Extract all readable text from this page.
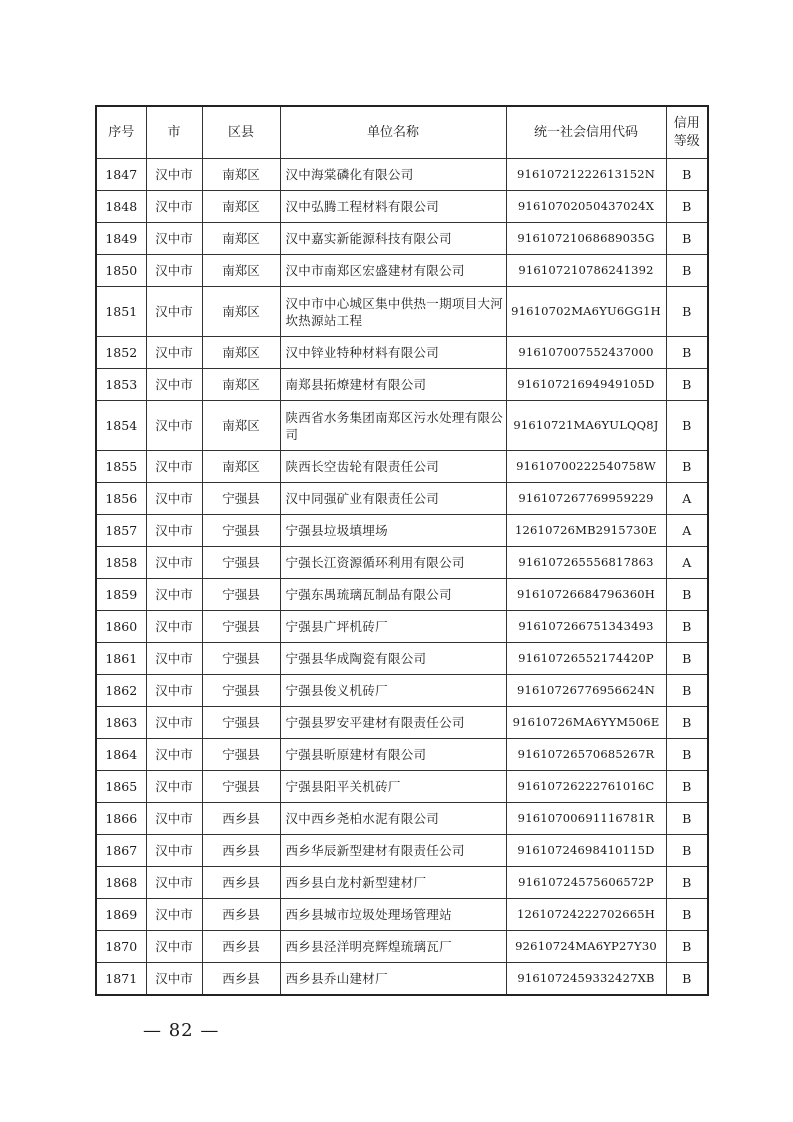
序号	市	区县	单位名称	统一社会信用代码	信用
等级

1847	汉中市	南郑区	汉中海棠磷化有限公司	91610721222613152N	B
1848	汉中市	南郑区	汉中弘腾工程材料有限公司	91610702050437024X	B
1849	汉中市	南郑区	汉中嘉实新能源科技有限公司	91610721068689035G	B
1850	汉中市	南郑区	汉中市南郑区宏盛建材有限公司	916107210786241392	B
1851	汉中市	南郑区	汉中市中心城区集中供热一期项目大河坎热源站工程	91610702MA6YU6GG1H	B
1852	汉中市	南郑区	汉中锌业特种材料有限公司	916107007552437000	B
1853	汉中市	南郑区	南郑县拓燎建材有限公司	91610721694949105D	B
1854	汉中市	南郑区	陕西省水务集团南郑区污水处理有限公司	91610721MA6YULQQ8J	B
1855	汉中市	南郑区	陕西长空齿轮有限责任公司	91610700222540758W	B
1856	汉中市	宁强县	汉中同强矿业有限责任公司	916107267769959229	A
1857	汉中市	宁强县	宁强县垃圾填埋场	12610726MB2915730E	A
1858	汉中市	宁强县	宁强长江资源循环利用有限公司	916107265556817863	A
1859	汉中市	宁强县	宁强东禺琉璃瓦制品有限公司	91610726684796360H	B
1860	汉中市	宁强县	宁强县广坪机砖厂	916107266751343493	B
1861	汉中市	宁强县	宁强县华成陶瓷有限公司	91610726552174420P	B
1862	汉中市	宁强县	宁强县俊义机砖厂	91610726776956624N	B
1863	汉中市	宁强县	宁强县罗安平建材有限责任公司	91610726MA6YYM506E	B
1864	汉中市	宁强县	宁强县昕原建材有限公司	91610726570685267R	B
1865	汉中市	宁强县	宁强县阳平关机砖厂	91610726222761016C	B
1866	汉中市	西乡县	汉中西乡尧柏水泥有限公司	91610700691116781R	B
1867	汉中市	西乡县	西乡华辰新型建材有限责任公司	91610724698410115D	B
1868	汉中市	西乡县	西乡县白龙村新型建材厂	91610724575606572P	B
1869	汉中市	西乡县	西乡县城市垃圾处理场管理站	12610724222702665H	B
1870	汉中市	西乡县	西乡县泾洋明亮辉煌琉璃瓦厂	92610724MA6YP27Y30	B
1871	汉中市	西乡县	西乡县乔山建材厂	9161072459332427XB	B
— 82 —
